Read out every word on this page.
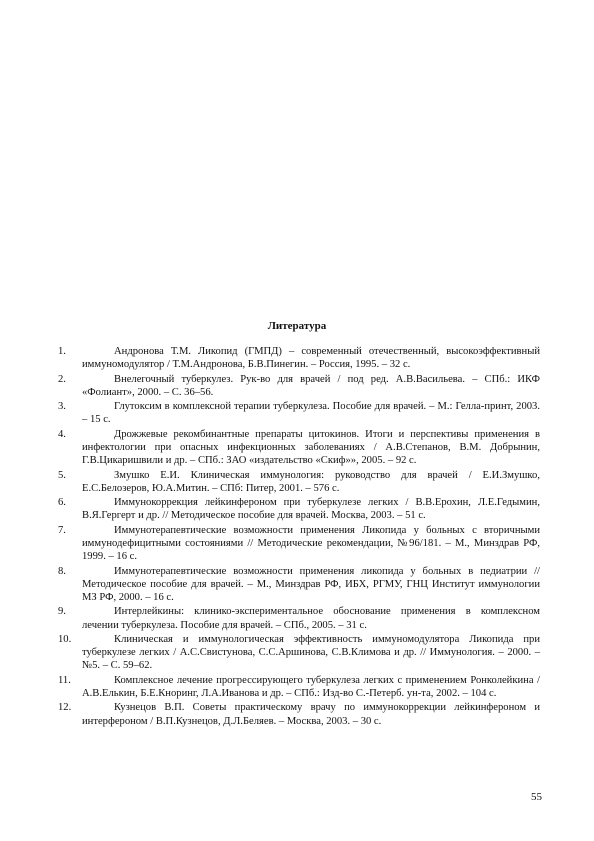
Литература
1.	Андронова Т.М. Ликопид (ГМПД) – современный отечественный, высокоэффективный иммуномодулятор / Т.М.Андронова, Б.В.Пинегин. – Россия, 1995. – 32 с.
2.	Внелегочный туберкулез. Рук-во для врачей / под ред. А.В.Васильева. – СПб.: ИКФ «Фолиант», 2000. – С. 36–56.
3.	Глутоксим в комплексной терапии туберкулеза. Пособие для врачей. – М.: Гелла-принт, 2003. – 15 с.
4.	Дрожжевые рекомбинантные препараты цитокинов. Итоги и перспективы применения в инфектологии при опасных инфекционных заболеваниях / А.В.Степанов, В.М. Добрынин, Г.В.Цикаришвили и др. – СПб.: ЗАО «издательство «Скиф»», 2005. – 92 с.
5.	Змушко Е.И. Клиническая иммунология: руководство для врачей / Е.И.Змушко, Е.С.Белозеров, Ю.А.Митин. – СПб: Питер, 2001. – 576 с.
6.	Иммунокоррекция лейкинфероном при туберкулезе легких / В.В.Ерохин, Л.Е.Гедымин, В.Я.Гергерт и др. // Методическое пособие для врачей. Москва, 2003. – 51 с.
7.	Иммунотерапевтические возможности применения Ликопида у больных с вторичными иммунодефицитными состояниями // Методические рекомендации, №96/181. – М., Минздрав РФ, 1999. – 16 с.
8.	Иммунотерапевтические возможности применения ликопида у больных в педиатрии // Методическое пособие для врачей. – М., Минздрав РФ, ИБХ, РГМУ, ГНЦ Институт иммунологии МЗ РФ, 2000. – 16 с.
9.	Интерлейкины: клинико-экспериментальное обоснование применения в комплексном лечении туберкулеза. Пособие для врачей. – СПб., 2005. – 31 с.
10.	Клиническая и иммунологическая эффективность иммуномодулятора Ликопида при туберкулезе легких / А.С.Свистунова, С.С.Аршинова, С.В.Климова и др. // Иммунология. – 2000. – №5. – С. 59–62.
11.	Комплексное лечение прогрессирующего туберкулеза легких с применением Ронколейкина / А.В.Елькин, Б.Е.Кноринг, Л.А.Иванова и др. – СПб.: Изд-во С.-Петерб. ун-та, 2002. – 104 с.
12.	Кузнецов В.П. Советы практическому врачу по иммунокоррекции лейкинфероном и интерфероном / В.П.Кузнецов, Д.Л.Беляев. – Москва, 2003. – 30 с.
55
